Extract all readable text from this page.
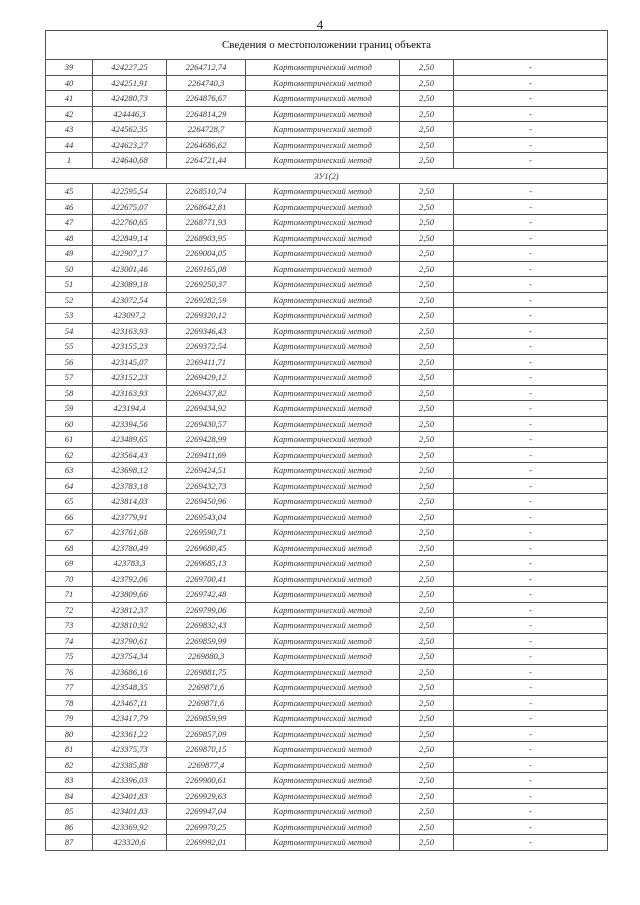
4
Сведения о местоположении границ объекта					
39	424227,25	2264712,74	Картометрический метод	2,50	-
40	424251,91	2264740,3	Картометрический метод	2,50	-
41	424280,73	2264876,67	Картометрический метод	2,50	-
42	424446,3	2264814,29	Картометрический метод	2,50	-
43	424562,35	2264728,7	Картометрический метод	2,50	-
44	424623,27	2264686,62	Картометрический метод	2,50	-
1	424640,68	2264721,44	Картометрический метод	2,50	-
ЗУ1(2)					
45	422595,54	2268510,74	Картометрический метод	2,50	-
46	422675,07	2268642,81	Картометрический метод	2,50	-
47	422760,65	2268771,93	Картометрический метод	2,50	-
48	422849,14	2268903,95	Картометрический метод	2,50	-
49	422907,17	2269004,05	Картометрический метод	2,50	-
50	423001,46	2269165,08	Картометрический метод	2,50	-
51	423089,18	2269250,37	Картометрический метод	2,50	-
52	423072,54	2269282,59	Картометрический метод	2,50	-
53	423097,2	2269320,12	Картометрический метод	2,50	-
54	423163,93	2269346,43	Картометрический метод	2,50	-
55	423155,23	2269372,54	Картометрический метод	2,50	-
56	423145,07	2269411,71	Картометрический метод	2,50	-
57	423152,23	2269429,12	Картометрический метод	2,50	-
58	423163,93	2269437,82	Картометрический метод	2,50	-
59	423194,4	2269434,92	Картометрический метод	2,50	-
60	423394,56	2269430,57	Картометрический метод	2,50	-
61	423489,65	2269428,99	Картометрический метод	2,50	-
62	423564,43	2269411,69	Картометрический метод	2,50	-
63	423698,12	2269424,51	Картометрический метод	2,50	-
64	423783,18	2269432,73	Картометрический метод	2,50	-
65	423814,03	2269450,96	Картометрический метод	2,50	-
66	423779,91	2269543,04	Картометрический метод	2,50	-
67	423761,68	2269590,71	Картометрический метод	2,50	-
68	423780,49	2269680,45	Картометрический метод	2,50	-
69	423783,3	2269685,13	Картометрический метод	2,50	-
70	423792,06	2269700,41	Картометрический метод	2,50	-
71	423809,66	2269742,48	Картометрический метод	2,50	-
72	423812,37	2269799,06	Картометрический метод	2,50	-
73	423810,92	2269832,43	Картометрический метод	2,50	-
74	423790,61	2269859,99	Картометрический метод	2,50	-
75	423754,34	2269880,3	Картометрический метод	2,50	-
76	423686,16	2269881,75	Картометрический метод	2,50	-
77	423548,35	2269871,6	Картометрический метод	2,50	-
78	423467,11	2269871,6	Картометрический метод	2,50	-
79	423417,79	2269859,99	Картометрический метод	2,50	-
80	423361,22	2269857,09	Картометрический метод	2,50	-
81	423375,73	2269870,15	Картометрический метод	2,50	-
82	423385,88	2269877,4	Картометрический метод	2,50	-
83	423396,03	2269900,61	Картометрический метод	2,50	-
84	423401,83	2269929,63	Картометрический метод	2,50	-
85	423401,83	2269947,04	Картометрический метод	2,50	-
86	423369,92	2269970,25	Картометрический метод	2,50	-
87	423320,6	2269992,01	Картометрический метод	2,50	-
